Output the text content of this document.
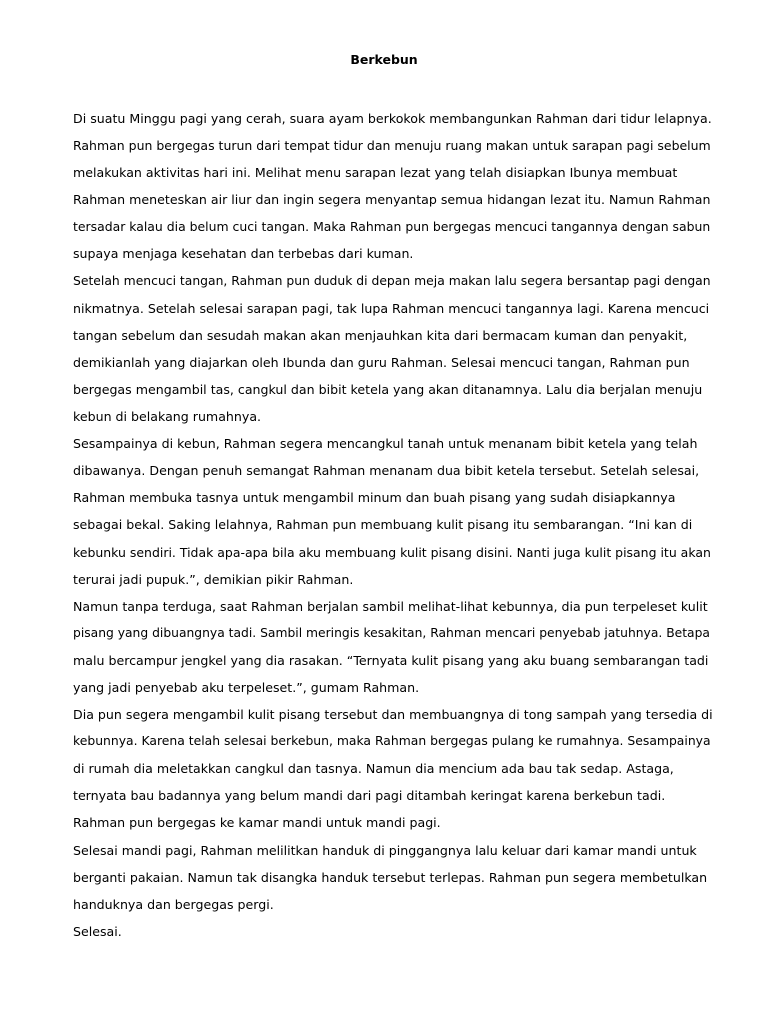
Berkebun
Di suatu Minggu pagi yang cerah, suara ayam berkokok membangunkan Rahman dari tidur lelapnya.
Rahman pun bergegas turun dari tempat tidur dan menuju ruang makan untuk sarapan pagi sebelum
melakukan aktivitas hari ini. Melihat menu sarapan lezat yang telah disiapkan Ibunya membuat
Rahman meneteskan air liur dan ingin segera menyantap semua hidangan lezat itu. Namun Rahman
tersadar kalau dia belum cuci tangan. Maka Rahman pun bergegas mencuci tangannya dengan sabun
supaya menjaga kesehatan dan terbebas dari kuman.
Setelah mencuci tangan, Rahman pun duduk di depan meja makan lalu segera bersantap pagi dengan
nikmatnya. Setelah selesai sarapan pagi, tak lupa Rahman mencuci tangannya lagi. Karena mencuci
tangan sebelum dan sesudah makan akan menjauhkan kita dari bermacam kuman dan penyakit,
demikianlah yang diajarkan oleh Ibunda dan guru Rahman. Selesai mencuci tangan, Rahman pun
bergegas mengambil tas, cangkul dan bibit ketela yang akan ditanamnya. Lalu dia berjalan menuju
kebun di belakang rumahnya.
Sesampainya di kebun, Rahman segera mencangkul tanah untuk menanam bibit ketela yang telah
dibawanya. Dengan penuh semangat Rahman menanam dua bibit ketela tersebut. Setelah selesai,
Rahman membuka tasnya untuk mengambil minum dan buah pisang yang sudah disiapkannya
sebagai bekal. Saking lelahnya, Rahman pun membuang kulit pisang itu sembarangan. “Ini kan di
kebunku sendiri. Tidak apa-apa bila aku membuang kulit pisang disini. Nanti juga kulit pisang itu akan
terurai jadi pupuk.”, demikian pikir Rahman.
Namun tanpa terduga, saat Rahman berjalan sambil melihat-lihat kebunnya, dia pun terpeleset kulit
pisang yang dibuangnya tadi. Sambil meringis kesakitan, Rahman mencari penyebab jatuhnya. Betapa
malu bercampur jengkel yang dia rasakan. “Ternyata kulit pisang yang aku buang sembarangan tadi
yang jadi penyebab aku terpeleset.”, gumam Rahman.
Dia pun segera mengambil kulit pisang tersebut dan membuangnya di tong sampah yang tersedia di
kebunnya. Karena telah selesai berkebun, maka Rahman bergegas pulang ke rumahnya. Sesampainya
di rumah dia meletakkan cangkul dan tasnya. Namun dia mencium ada bau tak sedap. Astaga,
ternyata bau badannya yang belum mandi dari pagi ditambah keringat karena berkebun tadi.
Rahman pun bergegas ke kamar mandi untuk mandi pagi.
Selesai mandi pagi, Rahman melilitkan handuk di pinggangnya lalu keluar dari kamar mandi untuk
berganti pakaian. Namun tak disangka handuk tersebut terlepas. Rahman pun segera membetulkan
handuknya dan bergegas pergi.
Selesai.
